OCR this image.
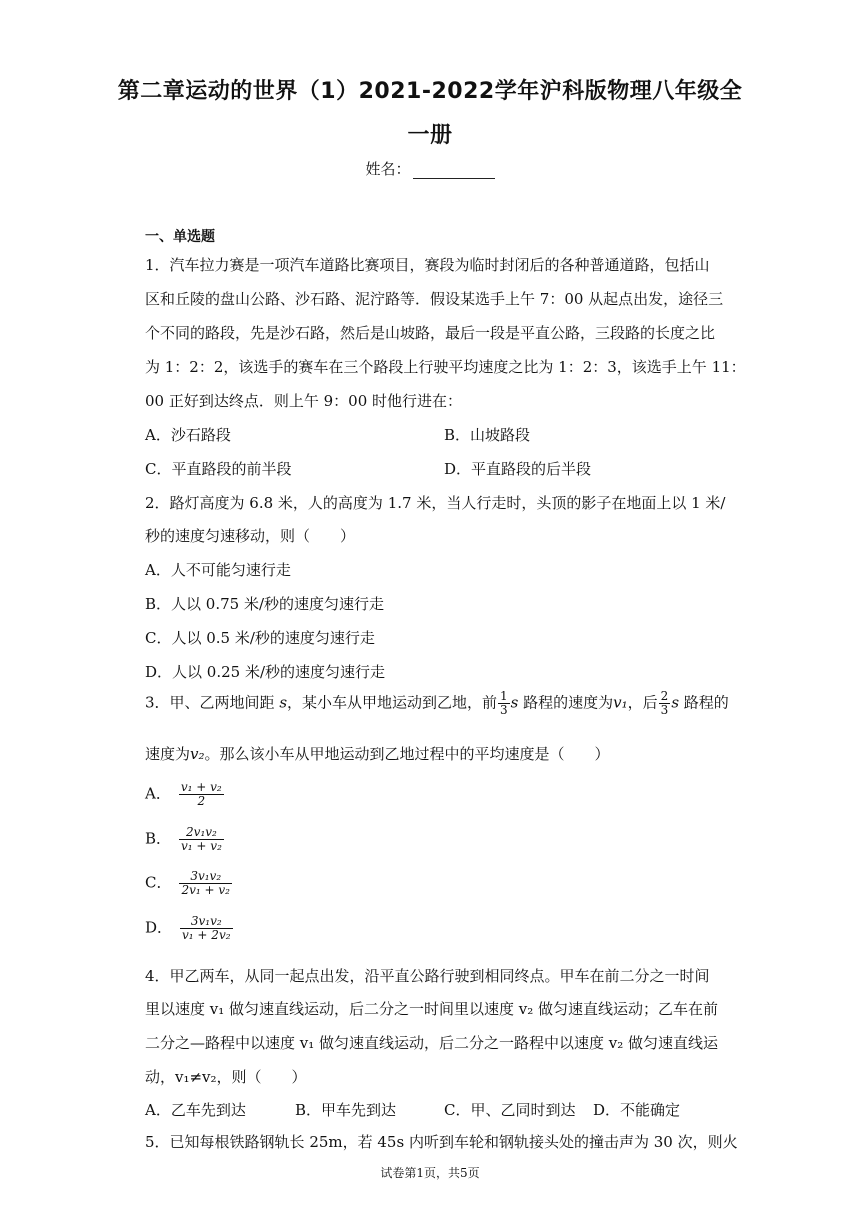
第二章运动的世界（1）2021-2022学年沪科版物理八年级全
一册
姓名：
一、单选题
1．汽车拉力赛是一项汽车道路比赛项目，赛段为临时封闭后的各种普通道路，包括山
区和丘陵的盘山公路、沙石路、泥泞路等．假设某选手上午 7：00 从起点出发，途径三
个不同的路段，先是沙石路，然后是山坡路，最后一段是平直公路，三段路的长度之比
为 1：2：2，该选手的赛车在三个路段上行驶平均速度之比为 1：2：3，该选手上午 11：
00 正好到达终点．则上午 9：00 时他行进在：
A．沙石路段	B．山坡路段
C．平直路段的前半段	D．平直路段的后半段
2．路灯高度为 6.8 米，人的高度为 1.7 米，当人行走时，头顶的影子在地面上以 1 米/
秒的速度匀速移动，则（　　）
A．人不可能匀速行走
B．人以 0.75 米/秒的速度匀速行走
C．人以 0.5 米/秒的速度匀速行走
D．人以 0.25 米/秒的速度匀速行走
3．甲、乙两地间距 s，某小车从甲地运动到乙地，前 $\frac{1}{3}$ s 路程的速度为v₁，后 $\frac{2}{3}$ s 路程的
速度为v₂。那么该小车从甲地运动到乙地过程中的平均速度是（　　）
A． $\frac{\text{v₁ + v₂}}{2}$
B． $\frac{\text{2v₁v₂}}{\text{v₁ + v₂}}$
C． $\frac{\text{3v₁v₂}}{\text{2v₁ + v₂}}$
D． $\frac{\text{3v₁v₂}}{\text{v₁ + 2v₂}}$
4．甲乙两车，从同一起点出发，沿平直公路行驶到相同终点。甲车在前二分之一时间
里以速度 v₁ 做匀速直线运动，后二分之一时间里以速度 v₂ 做匀速直线运动；乙车在前
二分之—路程中以速度 v₁ 做匀速直线运动，后二分之一路程中以速度 v₂ 做匀速直线运
动，v₁≠v₂，则（　　）
A．乙车先到达	B．甲车先到达	C．甲、乙同时到达 D．不能确定
5．已知每根铁路钢轨长 25m，若 45s 内听到车轮和钢轨接头处的撞击声为 30 次，则火
试卷第1页，共5页
